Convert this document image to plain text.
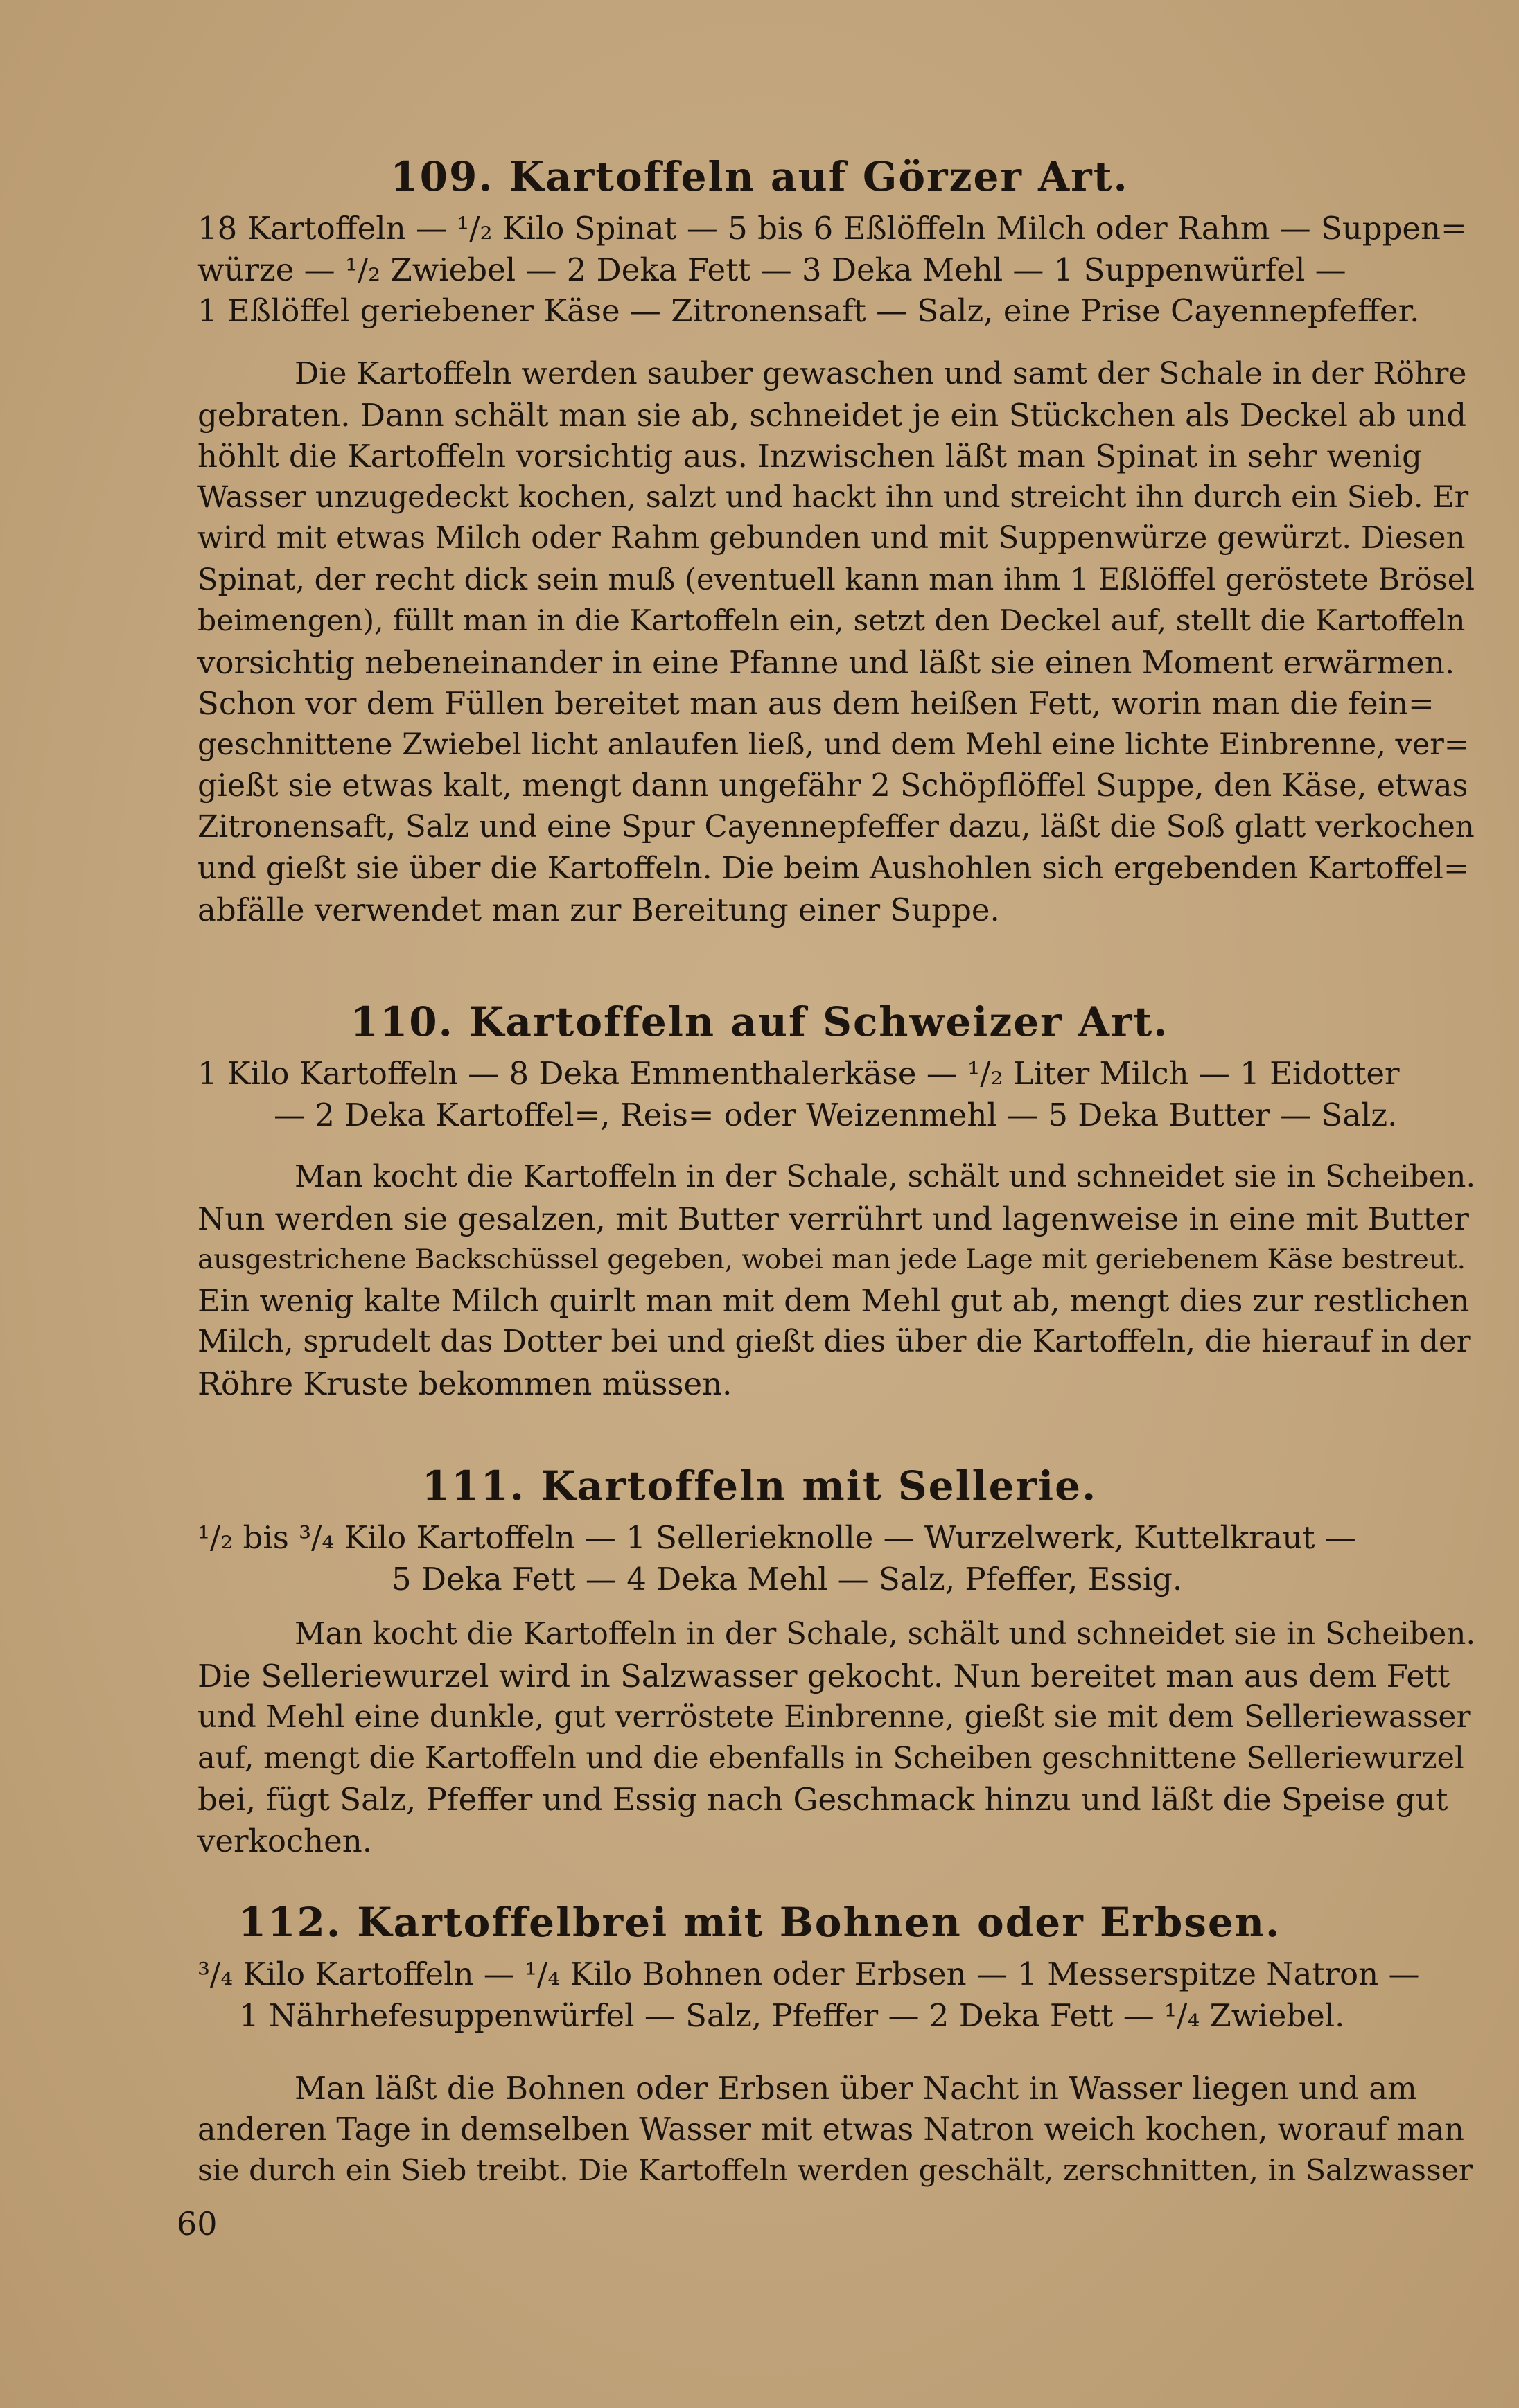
109. Kartoffeln auf Görzer Art.
18 Kartoffeln — ¹/₂ Kilo Spinat — 5 bis 6 Eßlöffeln Milch oder Rahm — Suppen=
würze — ¹/₂ Zwiebel — 2 Deka Fett — 3 Deka Mehl — 1 Suppenwürfel —
1 Eßlöffel geriebener Käse — Zitronensaft — Salz, eine Prise Cayennepfeffer.
Die Kartoffeln werden sauber gewaschen und samt der Schale in der Röhre
gebraten. Dann schält man sie ab, schneidet je ein Stückchen als Deckel ab und
höhlt die Kartoffeln vorsichtig aus. Inzwischen läßt man Spinat in sehr wenig
Wasser unzugedeckt kochen, salzt und hackt ihn und streicht ihn durch ein Sieb. Er
wird mit etwas Milch oder Rahm gebunden und mit Suppenwürze gewürzt. Diesen
Spinat, der recht dick sein muß (eventuell kann man ihm 1 Eßlöffel geröstete Brösel
beimengen), füllt man in die Kartoffeln ein, setzt den Deckel auf, stellt die Kartoffeln
vorsichtig nebeneinander in eine Pfanne und läßt sie einen Moment erwärmen.
Schon vor dem Füllen bereitet man aus dem heißen Fett, worin man die fein=
geschnittene Zwiebel licht anlaufen ließ, und dem Mehl eine lichte Einbrenne, ver=
gießt sie etwas kalt, mengt dann ungefähr 2 Schöpflöffel Suppe, den Käse, etwas
Zitronensaft, Salz und eine Spur Cayennepfeffer dazu, läßt die Soß glatt verkochen
und gießt sie über die Kartoffeln. Die beim Aushohlen sich ergebenden Kartoffel=
abfälle verwendet man zur Bereitung einer Suppe.
110. Kartoffeln auf Schweizer Art.
1 Kilo Kartoffeln — 8 Deka Emmenthalerkäse — ¹/₂ Liter Milch — 1 Eidotter
— 2 Deka Kartoffel=, Reis= oder Weizenmehl — 5 Deka Butter — Salz.
Man kocht die Kartoffeln in der Schale, schält und schneidet sie in Scheiben.
Nun werden sie gesalzen, mit Butter verrührt und lagenweise in eine mit Butter
ausgestrichene Backschüssel gegeben, wobei man jede Lage mit geriebenem Käse bestreut.
Ein wenig kalte Milch quirlt man mit dem Mehl gut ab, mengt dies zur restlichen
Milch, sprudelt das Dotter bei und gießt dies über die Kartoffeln, die hierauf in der
Röhre Kruste bekommen müssen.
111. Kartoffeln mit Sellerie.
¹/₂ bis ³/₄ Kilo Kartoffeln — 1 Sellerieknolle — Wurzelwerk, Kuttelkraut —
5 Deka Fett — 4 Deka Mehl — Salz, Pfeffer, Essig.
Man kocht die Kartoffeln in der Schale, schält und schneidet sie in Scheiben.
Die Selleriewurzel wird in Salzwasser gekocht. Nun bereitet man aus dem Fett
und Mehl eine dunkle, gut verröstete Einbrenne, gießt sie mit dem Selleriewasser
auf, mengt die Kartoffeln und die ebenfalls in Scheiben geschnittene Selleriewurzel
bei, fügt Salz, Pfeffer und Essig nach Geschmack hinzu und läßt die Speise gut
verkochen.
112. Kartoffelbrei mit Bohnen oder Erbsen.
³/₄ Kilo Kartoffeln — ¹/₄ Kilo Bohnen oder Erbsen — 1 Messerspitze Natron —
1 Nährhefesuppenwürfel — Salz, Pfeffer — 2 Deka Fett — ¹/₄ Zwiebel.
Man läßt die Bohnen oder Erbsen über Nacht in Wasser liegen und am
anderen Tage in demselben Wasser mit etwas Natron weich kochen, worauf man
sie durch ein Sieb treibt. Die Kartoffeln werden geschält, zerschnitten, in Salzwasser
60
